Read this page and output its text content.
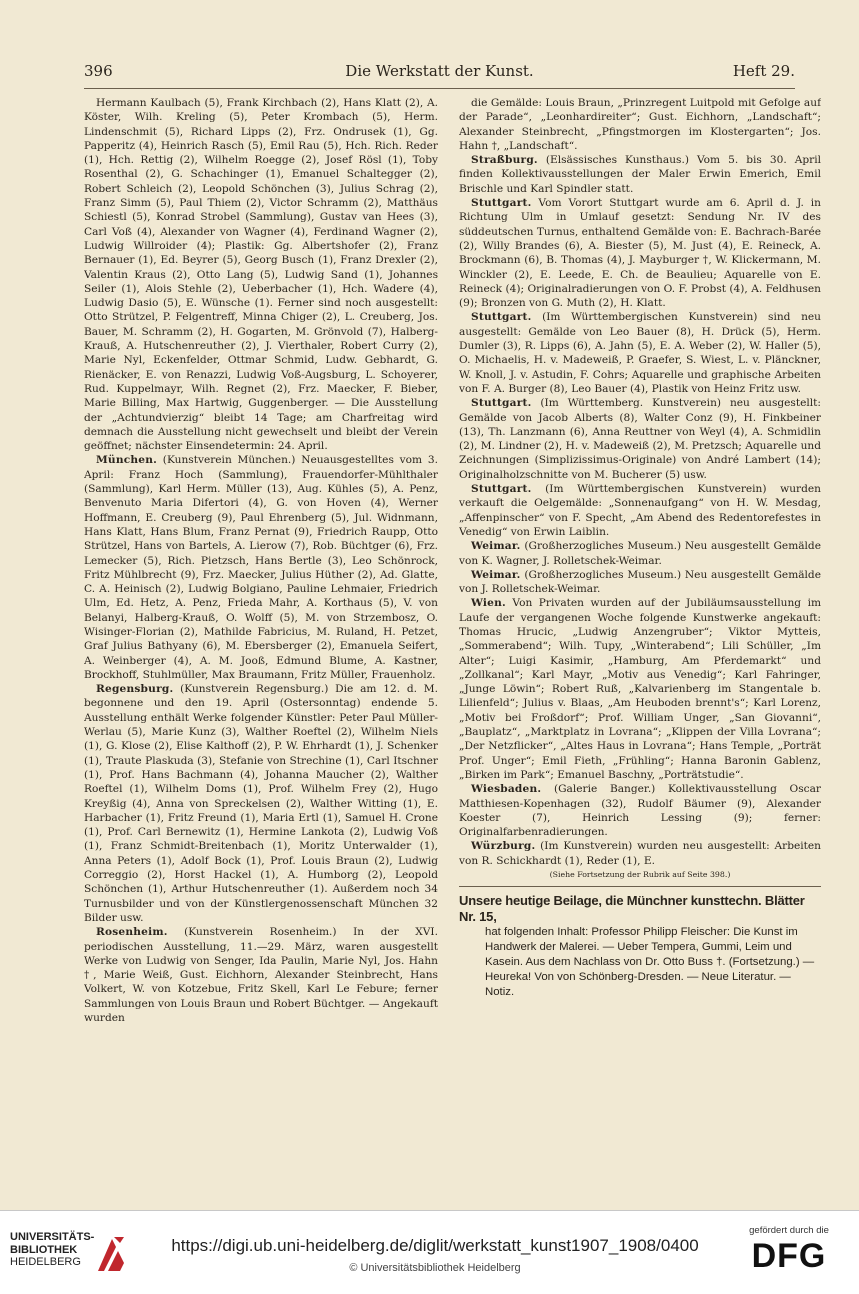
396	Die Werkstatt der Kunst.	Heft 29.

Hermann Kaulbach (5), Frank Kirchbach (2), Hans Klatt (2), A. Köster, Wilh. Kreling (5), Peter Krombach (5), Herm. Lindenschmit (5), Richard Lipps (2), Frz. Ondrusek (1), Gg. Papperitz (4), Heinrich Rasch (5), Emil Rau (5), Hch. Rich. Reder (1), Hch. Rettig (2), Wilhelm Roegge (2), Josef Rösl (1), Toby Rosenthal (2), G. Schachinger (1), Emanuel Schaltegger (2), Robert Schleich (2), Leopold Schönchen (3), Julius Schrag (2), Franz Simm (5), Paul Thiem (2), Victor Schramm (2), Matthäus Schiestl (5), Konrad Strobel (Sammlung), Gustav van Hees (3), Carl Voß (4), Alexander von Wagner (4), Ferdinand Wagner (2), Ludwig Willroider (4); Plastik: Gg. Albertshofer (2), Franz Bernauer (1), Ed. Beyrer (5), Georg Busch (1), Franz Drexler (2), Valentin Kraus (2), Otto Lang (5), Ludwig Sand (1), Johannes Seiler (1), Alois Stehle (2), Ueberbacher (1), Hch. Wadere (4), Ludwig Dasio (5), E. Wünsche (1). Ferner sind noch ausgestellt: Otto Strützel, P. Felgentreff, Minna Chiger (2), L. Creuberg, Jos. Bauer, M. Schramm (2), H. Gogarten, M. Grönvold (7), Halberg-Krauß, A. Hutschenreuther (2), J. Vierthaler, Robert Curry (2), Marie Nyl, Eckenfelder, Ottmar Schmid, Ludw. Gebhardt, G. Rienäcker, E. von Renazzi, Ludwig Voß-Augsburg, L. Schoyerer, Rud. Kuppelmayr, Wilh. Regnet (2), Frz. Maecker, F. Bieber, Marie Billing, Max Hartwig, Guggenberger. — Die Ausstellung der „Achtundvierzig“ bleibt 14 Tage; am Charfreitag wird demnach die Ausstellung nicht gewechselt und bleibt der Verein geöffnet; nächster Einsendetermin: 24. April.

München. (Kunstverein München.) Neuausgestelltes vom 3. April: Franz Hoch (Sammlung), Frauendorfer-Mühlthaler (Sammlung), Karl Herm. Müller (13), Aug. Kühles (5), A. Penz, Benvenuto Maria Difertori (4), G. von Hoven (4), Werner Hoffmann, E. Creuberg (9), Paul Ehrenberg (5), Jul. Widnmann, Hans Klatt, Hans Blum, Franz Pernat (9), Friedrich Raupp, Otto Strützel, Hans von Bartels, A. Lierow (7), Rob. Büchtger (6), Frz. Lemecker (5), Rich. Pietzsch, Hans Bertle (3), Leo Schönrock, Fritz Mühlbrecht (9), Frz. Maecker, Julius Hüther (2), Ad. Glatte, C. A. Heinisch (2), Ludwig Bolgiano, Pauline Lehmaier, Friedrich Ulm, Ed. Hetz, A. Penz, Frieda Mahr, A. Korthaus (5), V. von Belanyi, Halberg-Krauß, O. Wolff (5), M. von Strzembosz, O. Wisinger-Florian (2), Mathilde Fabricius, M. Ruland, H. Petzet, Graf Julius Bathyany (6), M. Ebersberger (2), Emanuela Seifert, A. Weinberger (4), A. M. Jooß, Edmund Blume, A. Kastner, Brockhoff, Stuhlmüller, Max Braumann, Fritz Müller, Frauenholz.

Regensburg. (Kunstverein Regensburg.) Die am 12. d. M. begonnene und den 19. April (Ostersonntag) endende 5. Ausstellung enthält Werke folgender Künstler: Peter Paul Müller-Werlau (5), Marie Kunz (3), Walther Roeftel (2), Wilhelm Niels (1), G. Klose (2), Elise Kalthoff (2), P. W. Ehrhardt (1), J. Schenker (1), Traute Plaskuda (3), Stefanie von Strechine (1), Carl Itschner (1), Prof. Hans Bachmann (4), Johanna Maucher (2), Walther Roeftel (1), Wilhelm Doms (1), Prof. Wilhelm Frey (2), Hugo Kreyßig (4), Anna von Spreckelsen (2), Walther Witting (1), E. Harbacher (1), Fritz Freund (1), Maria Ertl (1), Samuel H. Crone (1), Prof. Carl Bernewitz (1), Hermine Lankota (2), Ludwig Voß (1), Franz Schmidt-Breitenbach (1), Moritz Unterwalder (1), Anna Peters (1), Adolf Bock (1), Prof. Louis Braun (2), Ludwig Correggio (2), Horst Hackel (1), A. Humborg (2), Leopold Schönchen (1), Arthur Hutschenreuther (1). Außerdem noch 34 Turnusbilder und von der Künstlergenossenschaft München 32 Bilder usw.

Rosenheim. (Kunstverein Rosenheim.) In der XVI. periodischen Ausstellung, 11.—29. März, waren ausgestellt Werke von Ludwig von Senger, Ida Paulin, Marie Nyl, Jos. Hahn †, Marie Weiß, Gust. Eichhorn, Alexander Steinbrecht, Hans Volkert, W. von Kotzebue, Fritz Skell, Karl Le Febure; ferner Sammlungen von Louis Braun und Robert Büchtger. — Angekauft wurden

die Gemälde: Louis Braun, „Prinzregent Luitpold mit Gefolge auf der Parade“, „Leonhardireiter“; Gust. Eichhorn, „Landschaft“; Alexander Steinbrecht, „Pfingstmorgen im Klostergarten“; Jos. Hahn †, „Landschaft“.

Straßburg. (Elsässisches Kunsthaus.) Vom 5. bis 30. April finden Kollektivausstellungen der Maler Erwin Emerich, Emil Brischle und Karl Spindler statt.

Stuttgart. Vom Vorort Stuttgart wurde am 6. April d. J. in Richtung Ulm in Umlauf gesetzt: Sendung Nr. IV des süddeutschen Turnus, enthaltend Gemälde von: E. Bachrach-Barée (2), Willy Brandes (6), A. Biester (5), M. Just (4), E. Reineck, A. Brockmann (6), B. Thomas (4), J. Mayburger †, W. Klickermann, M. Winckler (2), E. Leede, E. Ch. de Beaulieu; Aquarelle von E. Reineck (4); Originalradierungen von O. F. Probst (4), A. Feldhusen (9); Bronzen von G. Muth (2), H. Klatt.

Stuttgart. (Im Württembergischen Kunstverein) sind neu ausgestellt: Gemälde von Leo Bauer (8), H. Drück (5), Herm. Dumler (3), R. Lipps (6), A. Jahn (5), E. A. Weber (2), W. Haller (5), O. Michaelis, H. v. Madeweiß, P. Graefer, S. Wiest, L. v. Plänckner, W. Knoll, J. v. Astudin, F. Cohrs; Aquarelle und graphische Arbeiten von F. A. Burger (8), Leo Bauer (4), Plastik von Heinz Fritz usw.

Stuttgart. (Im Württemberg. Kunstverein) neu ausgestellt: Gemälde von Jacob Alberts (8), Walter Conz (9), H. Finkbeiner (13), Th. Lanzmann (6), Anna Reuttner von Weyl (4), A. Schmidlin (2), M. Lindner (2), H. v. Madeweiß (2), M. Pretzsch; Aquarelle und Zeichnungen (Simplizissimus-Originale) von André Lambert (14); Originalholzschnitte von M. Bucherer (5) usw.

Stuttgart. (Im Württembergischen Kunstverein) wurden verkauft die Oelgemälde: „Sonnenaufgang“ von H. W. Mesdag, „Affenpinscher“ von F. Specht, „Am Abend des Redentorefestes in Venedig“ von Erwin Laiblin.

Weimar. (Großherzogliches Museum.) Neu ausgestellt Gemälde von K. Wagner, J. Rolletschek-Weimar.

Weimar. (Großherzogliches Museum.) Neu ausgestellt Gemälde von J. Rolletschek-Weimar.

Wien. Von Privaten wurden auf der Jubiläumsausstellung im Laufe der vergangenen Woche folgende Kunstwerke angekauft: Thomas Hrucic, „Ludwig Anzengruber“; Viktor Mytteis, „Sommerabend“; Wilh. Tupy, „Winterabend“; Lili Schüller, „Im Alter“; Luigi Kasimir, „Hamburg, Am Pferdemarkt“ und „Zollkanal“; Karl Mayr, „Motiv aus Venedig“; Karl Fahringer, „Junge Löwin“; Robert Ruß, „Kalvarienberg im Stangentale b. Lilienfeld“; Julius v. Blaas, „Am Heuboden brennt's“; Karl Lorenz, „Motiv bei Froßdorf“; Prof. William Unger, „San Giovanni“, „Bauplatz“, „Marktplatz in Lovrana“; „Klippen der Villa Lovrana“; „Der Netzflicker“, „Altes Haus in Lovrana“; Hans Temple, „Porträt Prof. Unger“; Emil Fieth, „Frühling“; Hanna Baronin Gablenz, „Birken im Park“; Emanuel Baschny, „Porträtstudie“.

Wiesbaden. (Galerie Banger.) Kollektivausstellung Oscar Matthiesen-Kopenhagen (32), Rudolf Bäumer (9), Alexander Koester (7), Heinrich Lessing (9); ferner: Originalfarbenradierungen.

Würzburg. (Im Kunstverein) wurden neu ausgestellt: Arbeiten von R. Schickhardt (1), Reder (1), E.

(Siehe Fortsetzung der Rubrik auf Seite 398.)

Unsere heutige Beilage, die Münchner kunsttechn. Blätter Nr. 15,

hat folgenden Inhalt: Professor Philipp Fleischer: Die Kunst im Handwerk der Malerei. — Ueber Tempera, Gummi, Leim und Kasein. Aus dem Nachlass von Dr. Otto Buss †. (Fortsetzung.) — Heureka! Von von Schönberg-Dresden. — Neue Literatur. — Notiz.

UNIVERSITÄTS-
BIBLIOTHEK
HEIDELBERG
https://digi.ub.uni-heidelberg.de/diglit/werkstatt_kunst1907_1908/0400
© Universitätsbibliothek Heidelberg
gefördert durch die
DFG
